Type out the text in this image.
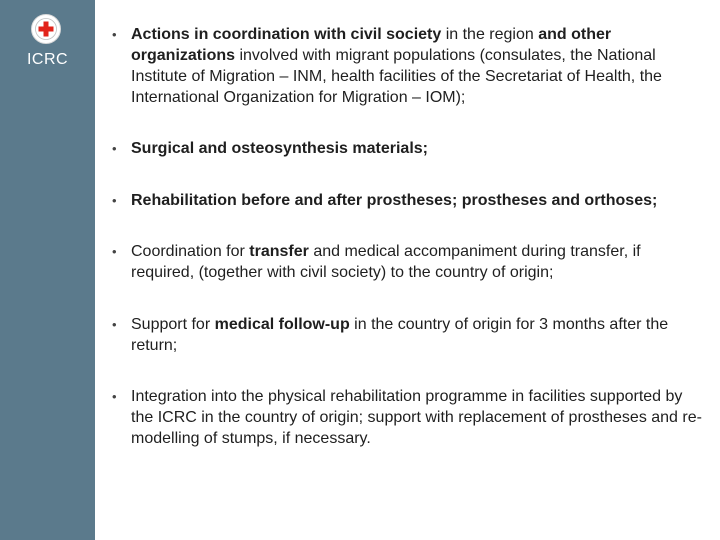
ICRC
• Actions in coordination with civil society in the region and other organizations involved with migrant populations (consulates, the National Institute of Migration – INM, health facilities of the Secretariat of Health, the International Organization for Migration – IOM);
• Surgical and osteosynthesis materials;
• Rehabilitation before and after prostheses; prostheses and orthoses;
• Coordination for transfer and medical accompaniment during transfer, if required, (together with civil society) to the country of origin;
• Support for medical follow-up in the country of origin for 3 months after the return;
• Integration into the physical rehabilitation programme in facilities supported by the ICRC in the country of origin; support with replacement of prostheses and re-modelling of stumps, if necessary.
